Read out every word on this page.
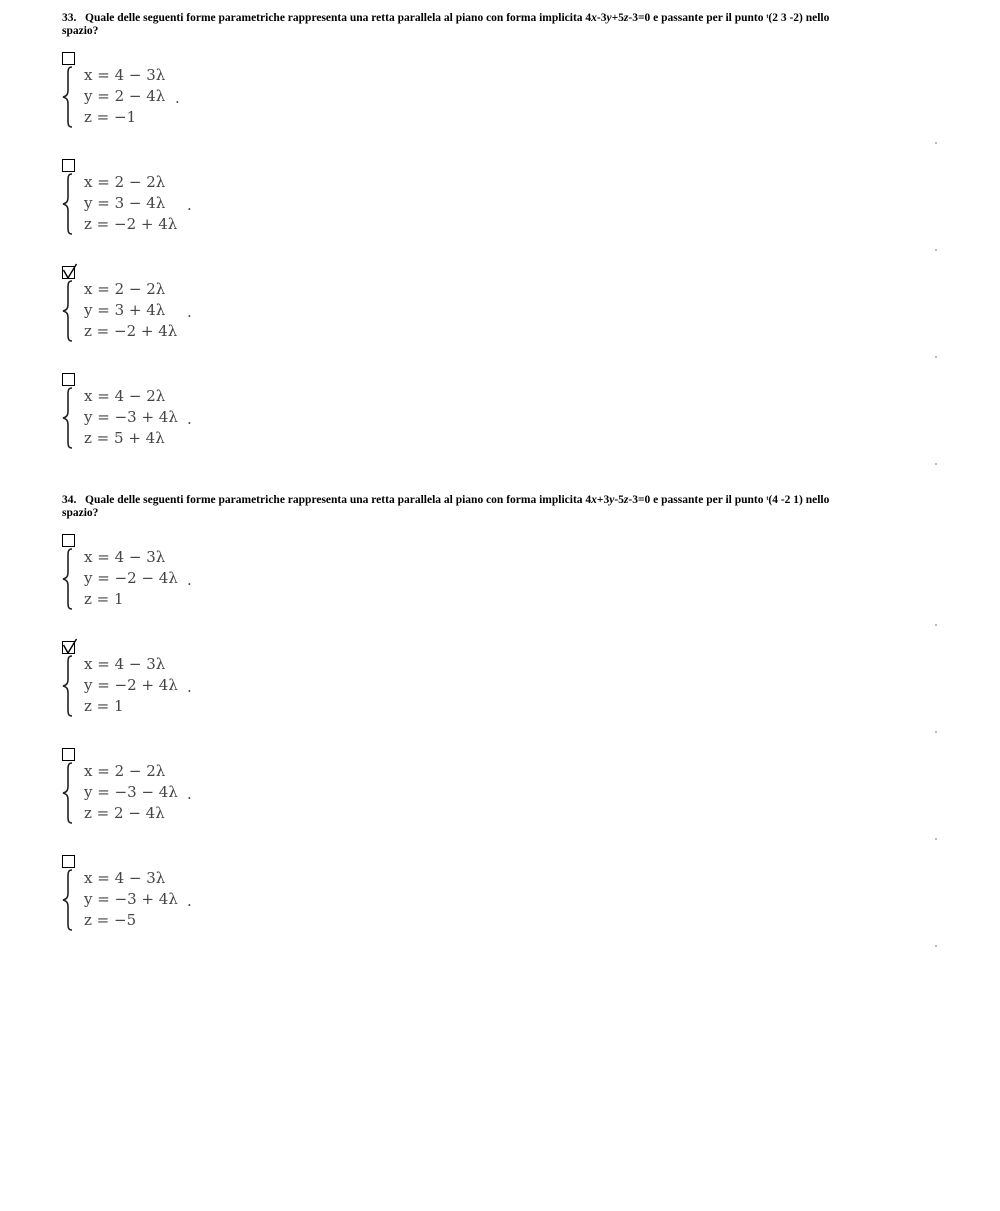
33. Quale delle seguenti forme parametriche rappresenta una retta parallela al piano con forma implicita 4x-3y+5z-3=0 e passante per il punto $^t$(2 3 -2) nello
spazio?

34. Quale delle seguenti forme parametriche rappresenta una retta parallela al piano con forma implicita 4x+3y-5z-3=0 e passante per il punto $^t$(4 -2 1) nello
spazio?

x = 4 − 3λ
y = 2 − 4λ
z = −1
.
x = 2 − 2λ
y = 3 − 4λ
z = −2 + 4λ
.
x = 2 − 2λ
y = 3 + 4λ
z = −2 + 4λ
.
x = 4 − 2λ
y = −3 + 4λ
z = 5 + 4λ
.
x = 4 − 3λ
y = −2 − 4λ
z = 1
.
x = 4 − 3λ
y = −2 + 4λ
z = 1
.
x = 2 − 2λ
y = −3 − 4λ
z = 2 − 4λ
.
x = 4 − 3λ
y = −3 + 4λ
z = −5
.
